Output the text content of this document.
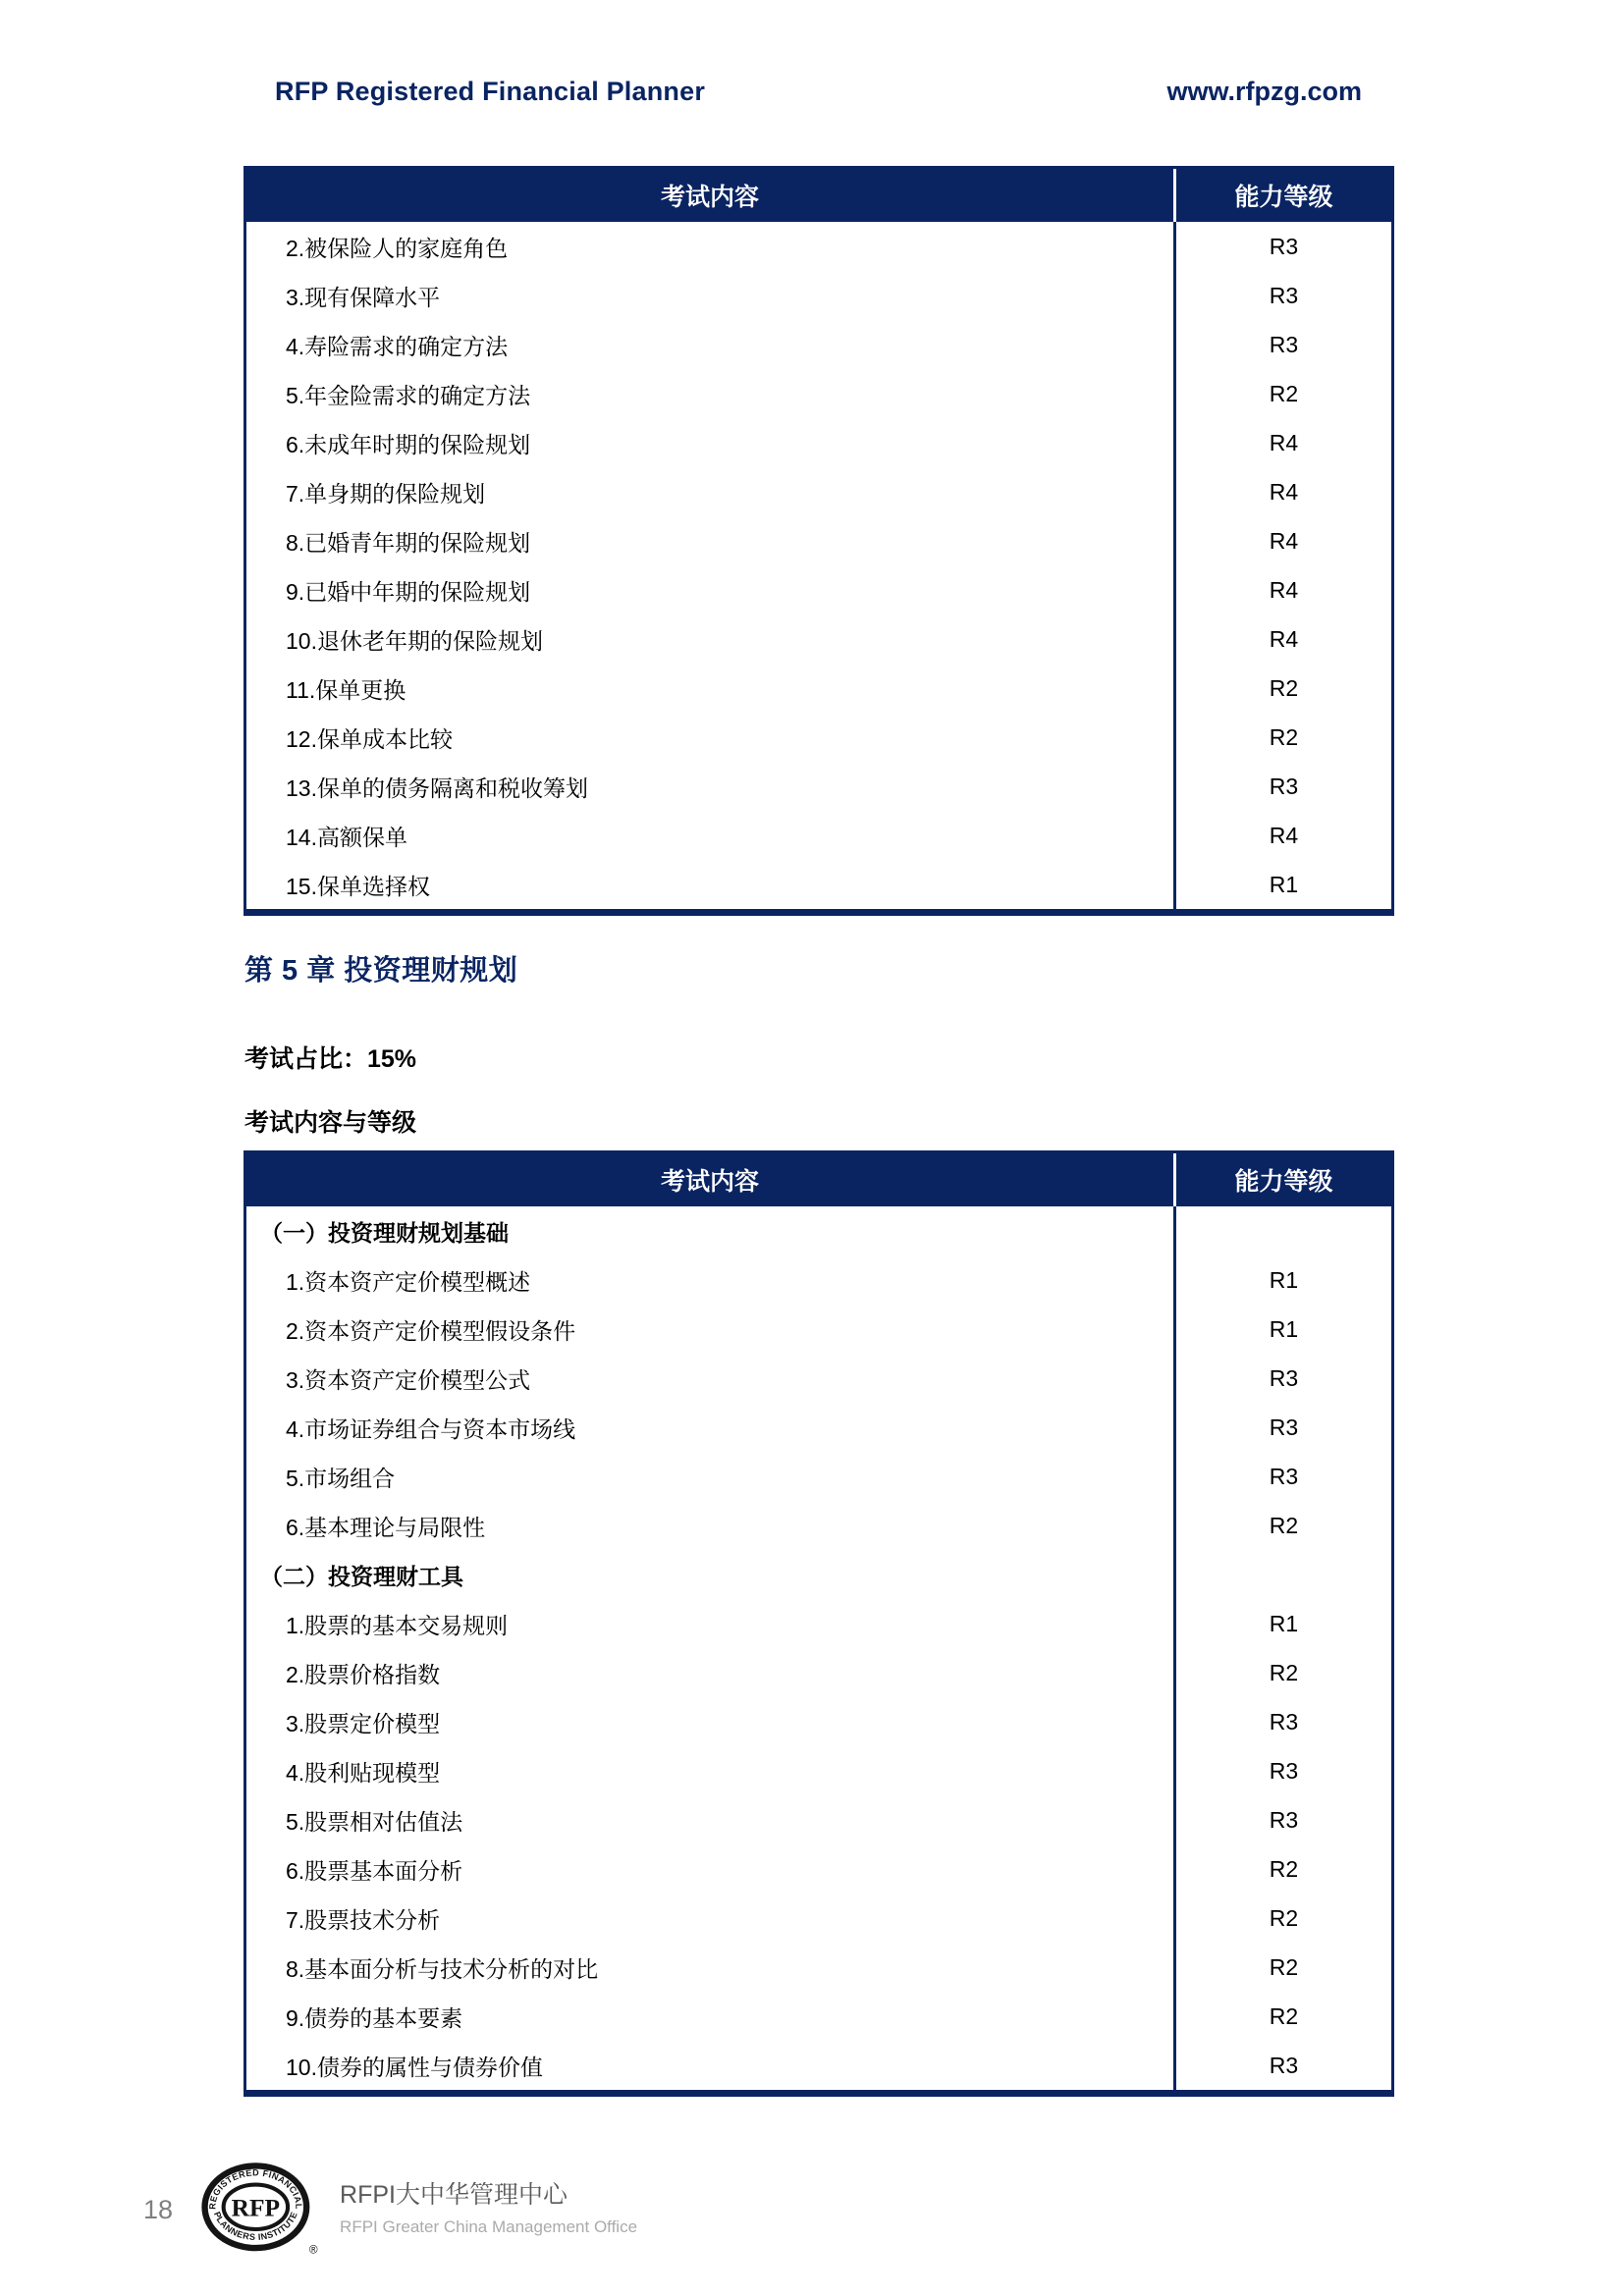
RFP Registered Financial Planner	www.rfpzg.com
考试内容	能力等级
2.被保险人的家庭角色	R3
3.现有保障水平	R3
4.寿险需求的确定方法	R3
5.年金险需求的确定方法	R2
6.未成年时期的保险规划	R4
7.单身期的保险规划	R4
8.已婚青年期的保险规划	R4
9.已婚中年期的保险规划	R4
10.退休老年期的保险规划	R4
11.保单更换	R2
12.保单成本比较	R2
13.保单的债务隔离和税收筹划	R3
14.高额保单	R4
15.保单选择权	R1
第 5 章 投资理财规划
考试占比：15%
考试内容与等级
考试内容	能力等级
（一）投资理财规划基础
1.资本资产定价模型概述	R1
2.资本资产定价模型假设条件	R1
3.资本资产定价模型公式	R3
4.市场证券组合与资本市场线	R3
5.市场组合	R3
6.基本理论与局限性	R2
（二）投资理财工具
1.股票的基本交易规则	R1
2.股票价格指数	R2
3.股票定价模型	R3
4.股利贴现模型	R3
5.股票相对估值法	R3
6.股票基本面分析	R2
7.股票技术分析	R2
8.基本面分析与技术分析的对比	R2
9.债券的基本要素	R2
10.债券的属性与债券价值	R3
18 RFP
REGISTERED FINANCIAL
PLANNERS INSTITUTE
®
RFPI大中华管理中心
RFPI Greater China Management Office
